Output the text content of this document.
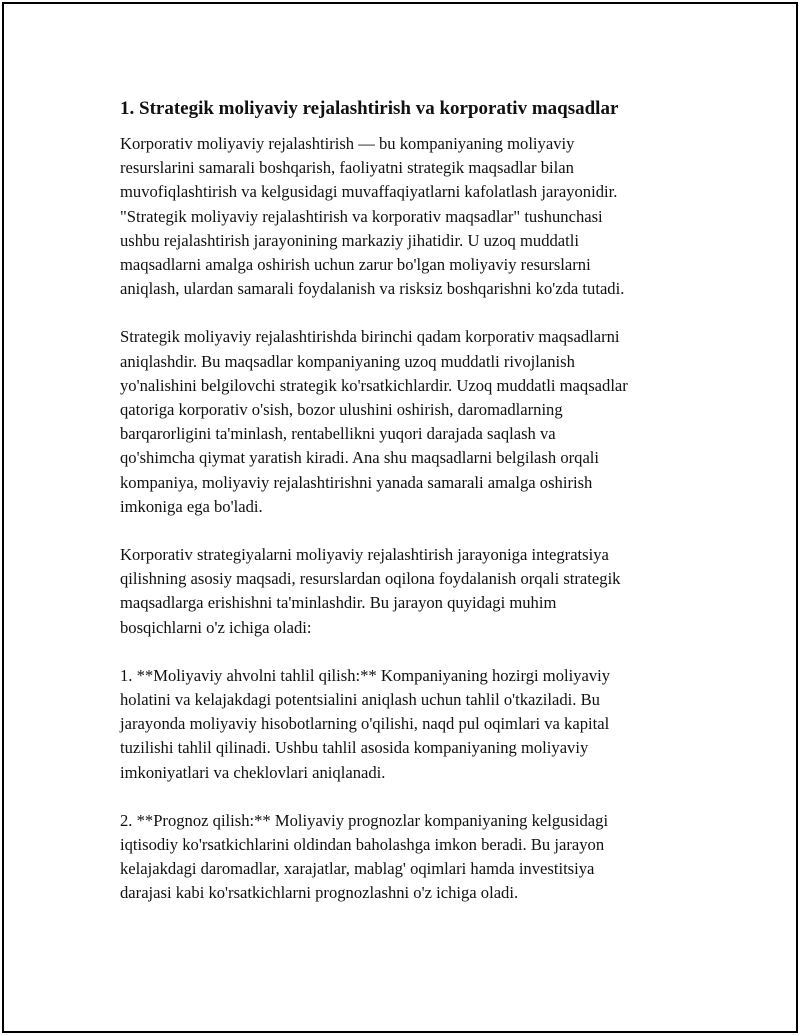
1. Strategik moliyaviy rejalashtirish va korporativ maqsadlar

Korporativ moliyaviy rejalashtirish — bu kompaniyaning moliyaviy
resurslarini samarali boshqarish, faoliyatni strategik maqsadlar bilan
muvofiqlashtirish va kelgusidagi muvaffaqiyatlarni kafolatlash jarayonidir.
"Strategik moliyaviy rejalashtirish va korporativ maqsadlar" tushunchasi
ushbu rejalashtirish jarayonining markaziy jihatidir. U uzoq muddatli
maqsadlarni amalga oshirish uchun zarur bo'lgan moliyaviy resurslarni
aniqlash, ulardan samarali foydalanish va risksiz boshqarishni ko'zda tutadi.

Strategik moliyaviy rejalashtirishda birinchi qadam korporativ maqsadlarni
aniqlashdir. Bu maqsadlar kompaniyaning uzoq muddatli rivojlanish
yo'nalishini belgilovchi strategik ko'rsatkichlardir. Uzoq muddatli maqsadlar
qatoriga korporativ o'sish, bozor ulushini oshirish, daromadlarning
barqarorligini ta'minlash, rentabellikni yuqori darajada saqlash va
qo'shimcha qiymat yaratish kiradi. Ana shu maqsadlarni belgilash orqali
kompaniya, moliyaviy rejalashtirishni yanada samarali amalga oshirish
imkoniga ega bo'ladi.

Korporativ strategiyalarni moliyaviy rejalashtirish jarayoniga integratsiya
qilishning asosiy maqsadi, resurslardan oqilona foydalanish orqali strategik
maqsadlarga erishishni ta'minlashdir. Bu jarayon quyidagi muhim
bosqichlarni o'z ichiga oladi:

1. **Moliyaviy ahvolni tahlil qilish:** Kompaniyaning hozirgi moliyaviy
holatini va kelajakdagi potentsialini aniqlash uchun tahlil o'tkaziladi. Bu
jarayonda moliyaviy hisobotlarning o'qilishi, naqd pul oqimlari va kapital
tuzilishi tahlil qilinadi. Ushbu tahlil asosida kompaniyaning moliyaviy
imkoniyatlari va cheklovlari aniqlanadi.

2. **Prognoz qilish:** Moliyaviy prognozlar kompaniyaning kelgusidagi
iqtisodiy ko'rsatkichlarini oldindan baholashga imkon beradi. Bu jarayon
kelajakdagi daromadlar, xarajatlar, mablag' oqimlari hamda investitsiya
darajasi kabi ko'rsatkichlarni prognozlashni o'z ichiga oladi.
